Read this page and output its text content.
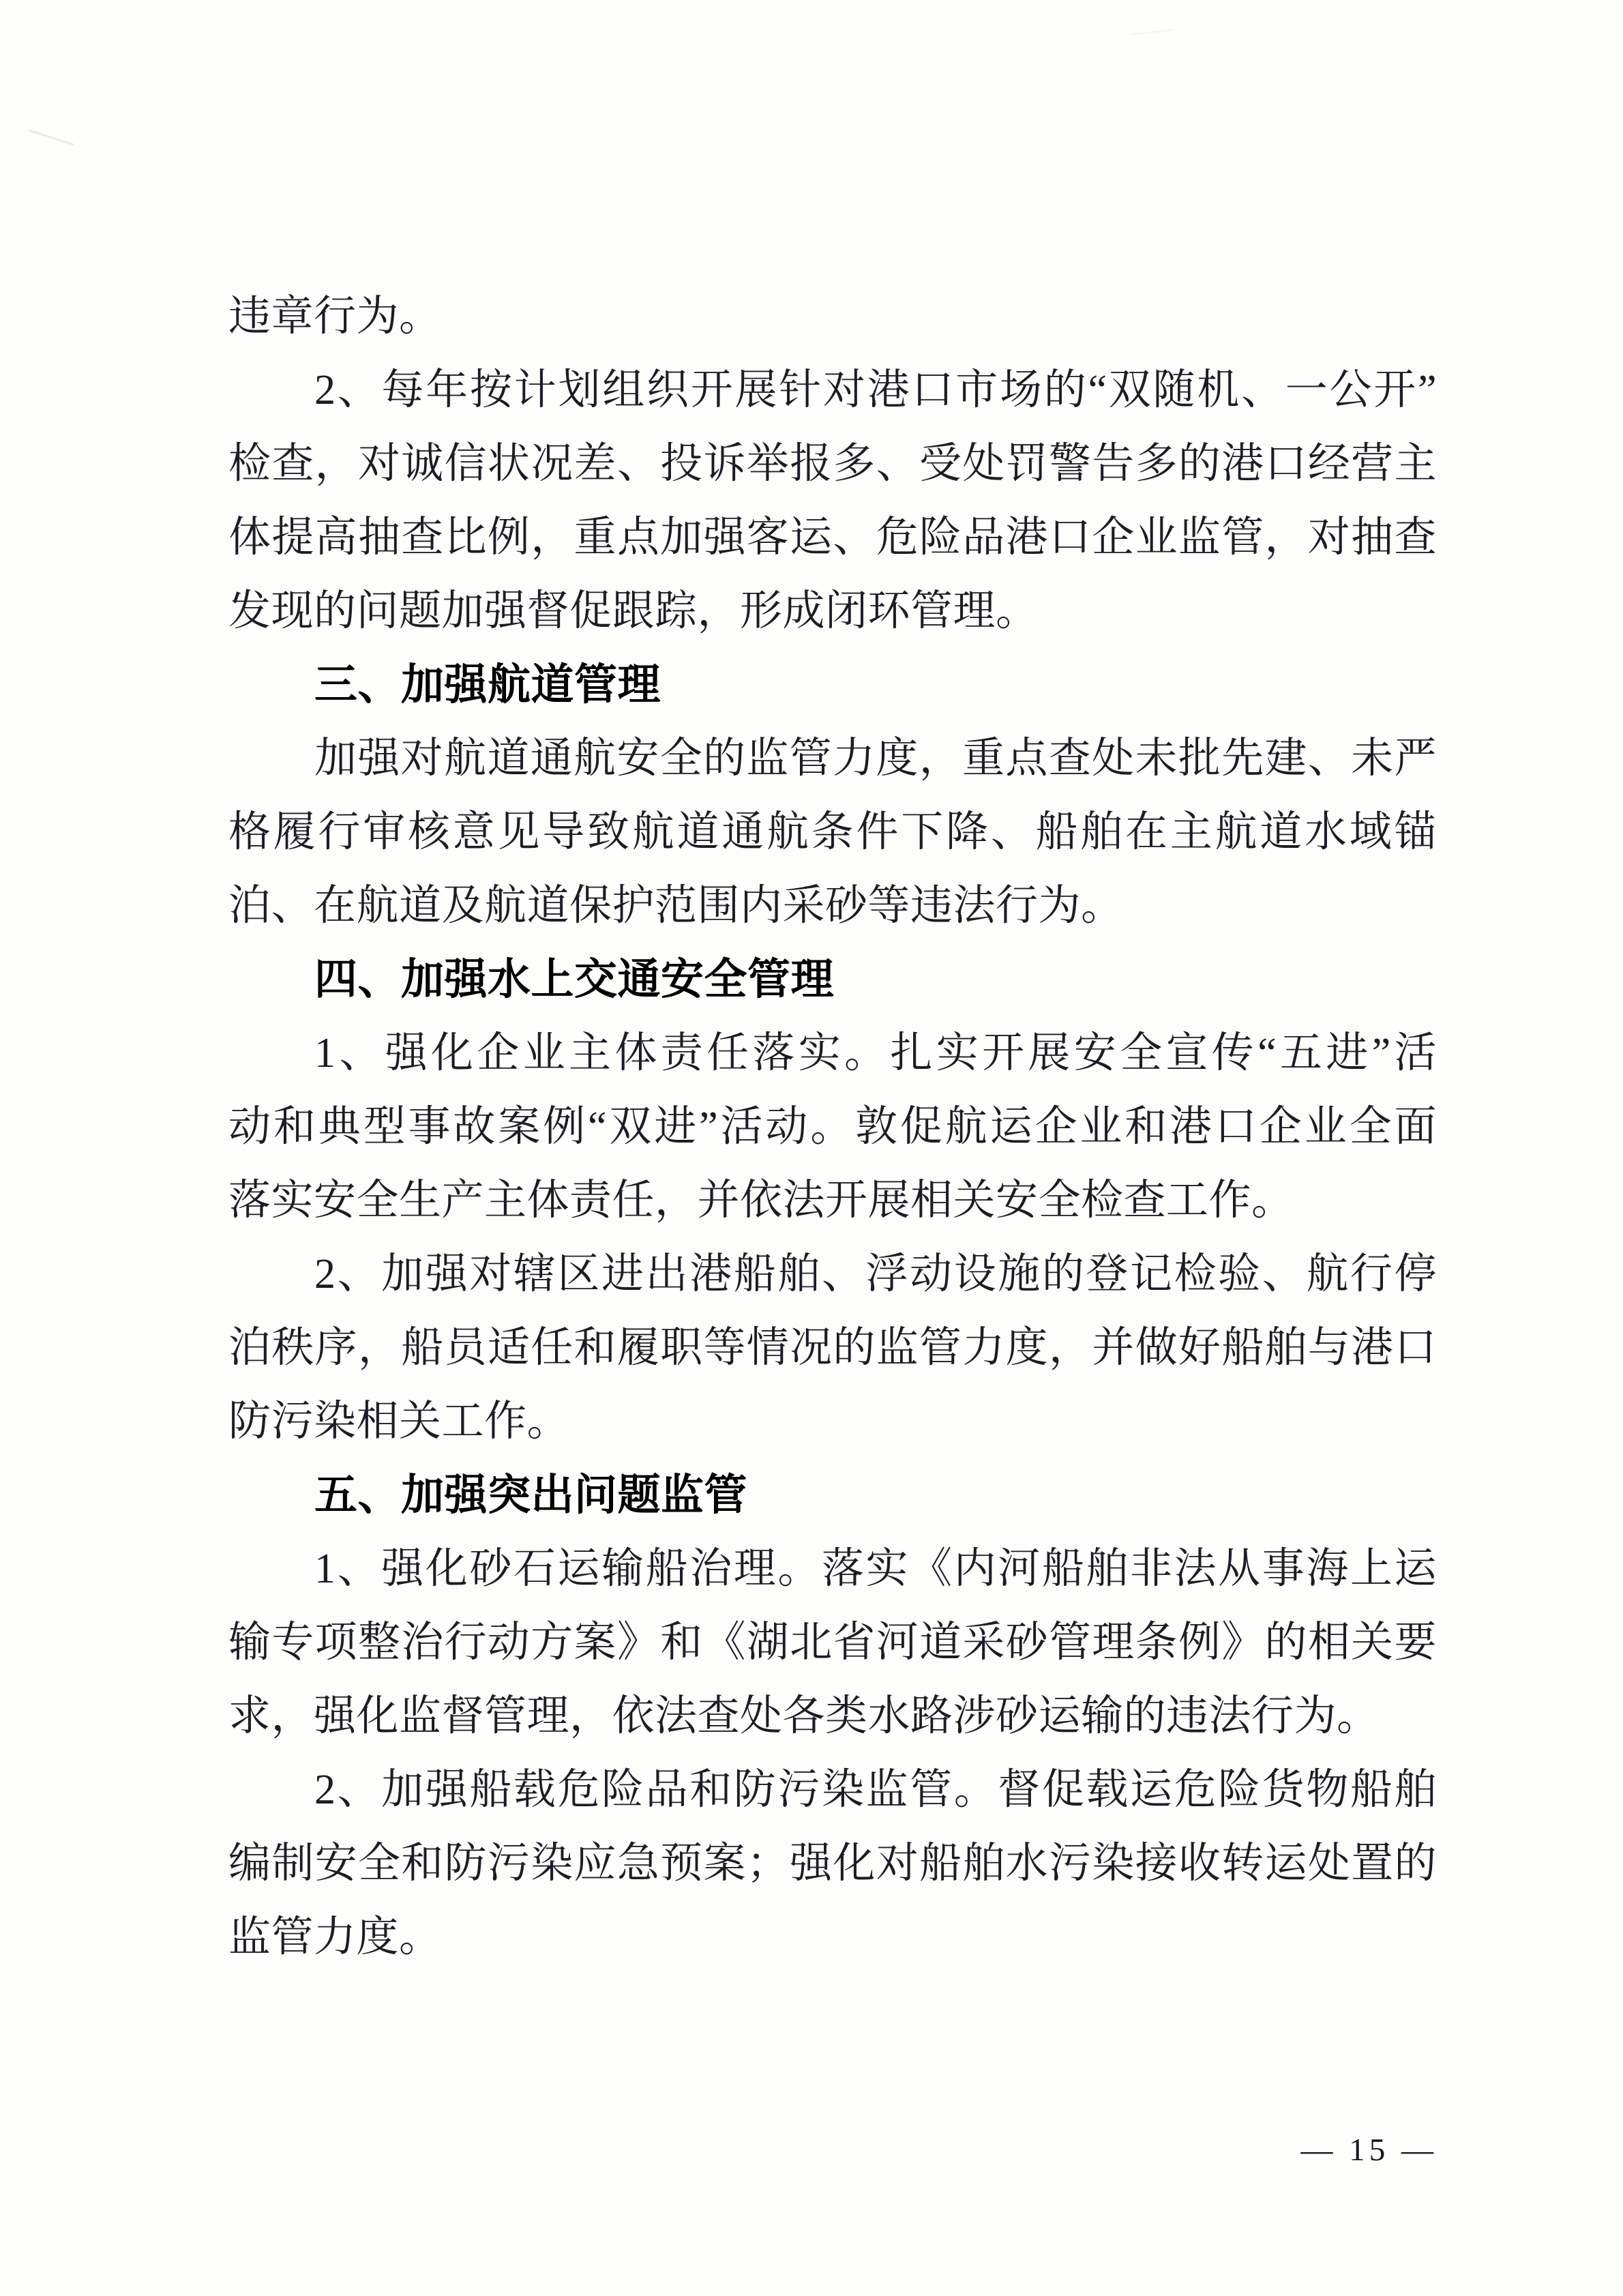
违章行为。
2、每年按计划组织开展针对港口市场的“双随机、一公开”
检查，对诚信状况差、投诉举报多、受处罚警告多的港口经营主
体提高抽查比例，重点加强客运、危险品港口企业监管，对抽查
发现的问题加强督促跟踪，形成闭环管理。
三、加强航道管理
加强对航道通航安全的监管力度，重点查处未批先建、未严
格履行审核意见导致航道通航条件下降、船舶在主航道水域锚
泊、在航道及航道保护范围内采砂等违法行为。
四、加强水上交通安全管理
1、强化企业主体责任落实。扎实开展安全宣传“五进”活
动和典型事故案例“双进”活动。敦促航运企业和港口企业全面
落实安全生产主体责任，并依法开展相关安全检查工作。
2、加强对辖区进出港船舶、浮动设施的登记检验、航行停
泊秩序，船员适任和履职等情况的监管力度，并做好船舶与港口
防污染相关工作。
五、加强突出问题监管
1、强化砂石运输船治理。落实《内河船舶非法从事海上运
输专项整治行动方案》和《湖北省河道采砂管理条例》的相关要
求，强化监督管理，依法查处各类水路涉砂运输的违法行为。
2、加强船载危险品和防污染监管。督促载运危险货物船舶
编制安全和防污染应急预案；强化对船舶水污染接收转运处置的
监管力度。
— 15 —
